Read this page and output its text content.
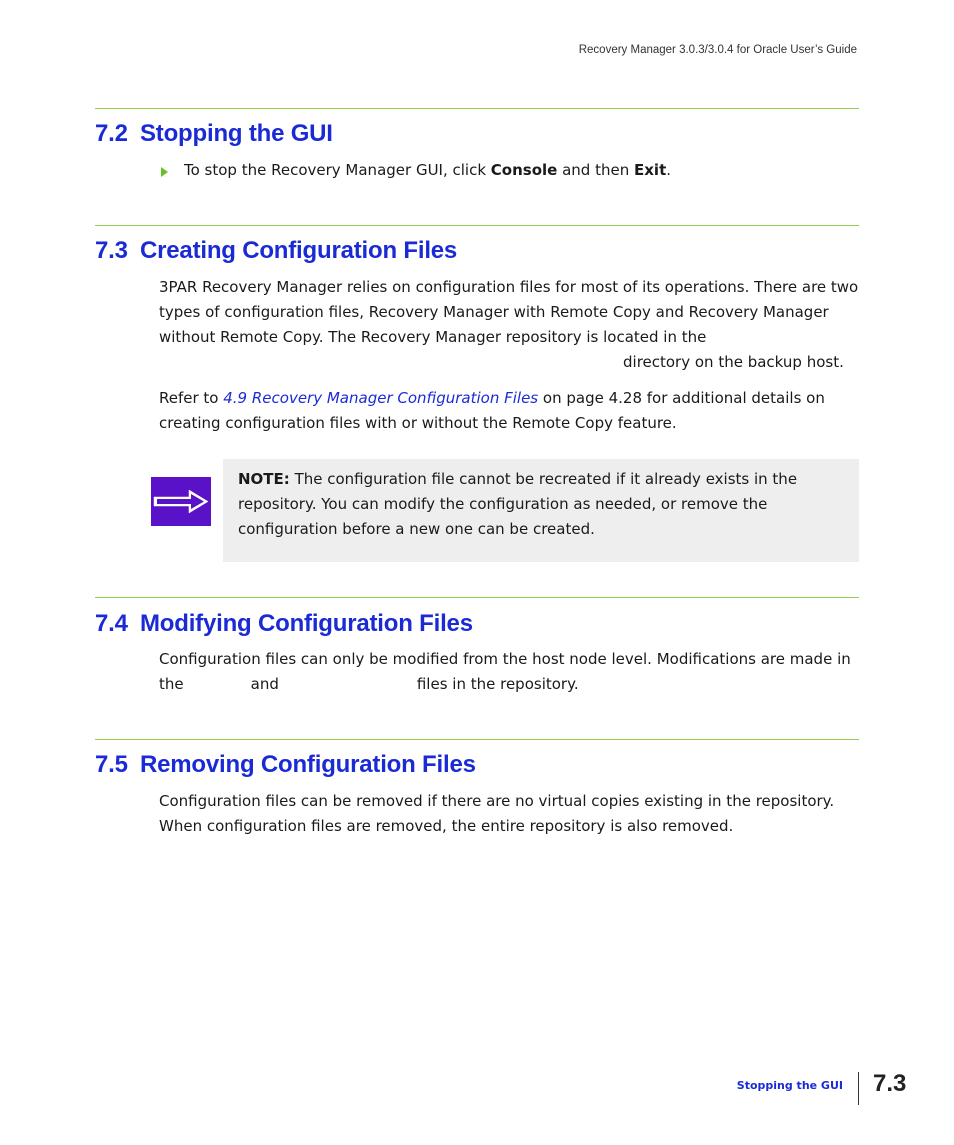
Recovery Manager 3.0.3/3.0.4 for Oracle User’s Guide
7.2 Stopping the GUI
To stop the Recovery Manager GUI, click Console and then Exit.
7.3 Creating Configuration Files
3PAR Recovery Manager relies on configuration files for most of its operations. There are two
types of configuration files, Recovery Manager with Remote Copy and Recovery Manager
without Remote Copy. The Recovery Manager repository is located in the
directory on the backup host.
Refer to 4.9 Recovery Manager Configuration Files on page 4.28 for additional details on
creating configuration files with or without the Remote Copy feature.
NOTE: The configuration file cannot be recreated if it already exists in the
repository. You can modify the configuration as needed, or remove the
configuration before a new one can be created.
7.4 Modifying Configuration Files
Configuration files can only be modified from the host node level. Modifications are made in
the	and	files in the repository.
7.5 Removing Configuration Files
Configuration files can be removed if there are no virtual copies existing in the repository.
When configuration files are removed, the entire repository is also removed.
Stopping the GUI 7.3
